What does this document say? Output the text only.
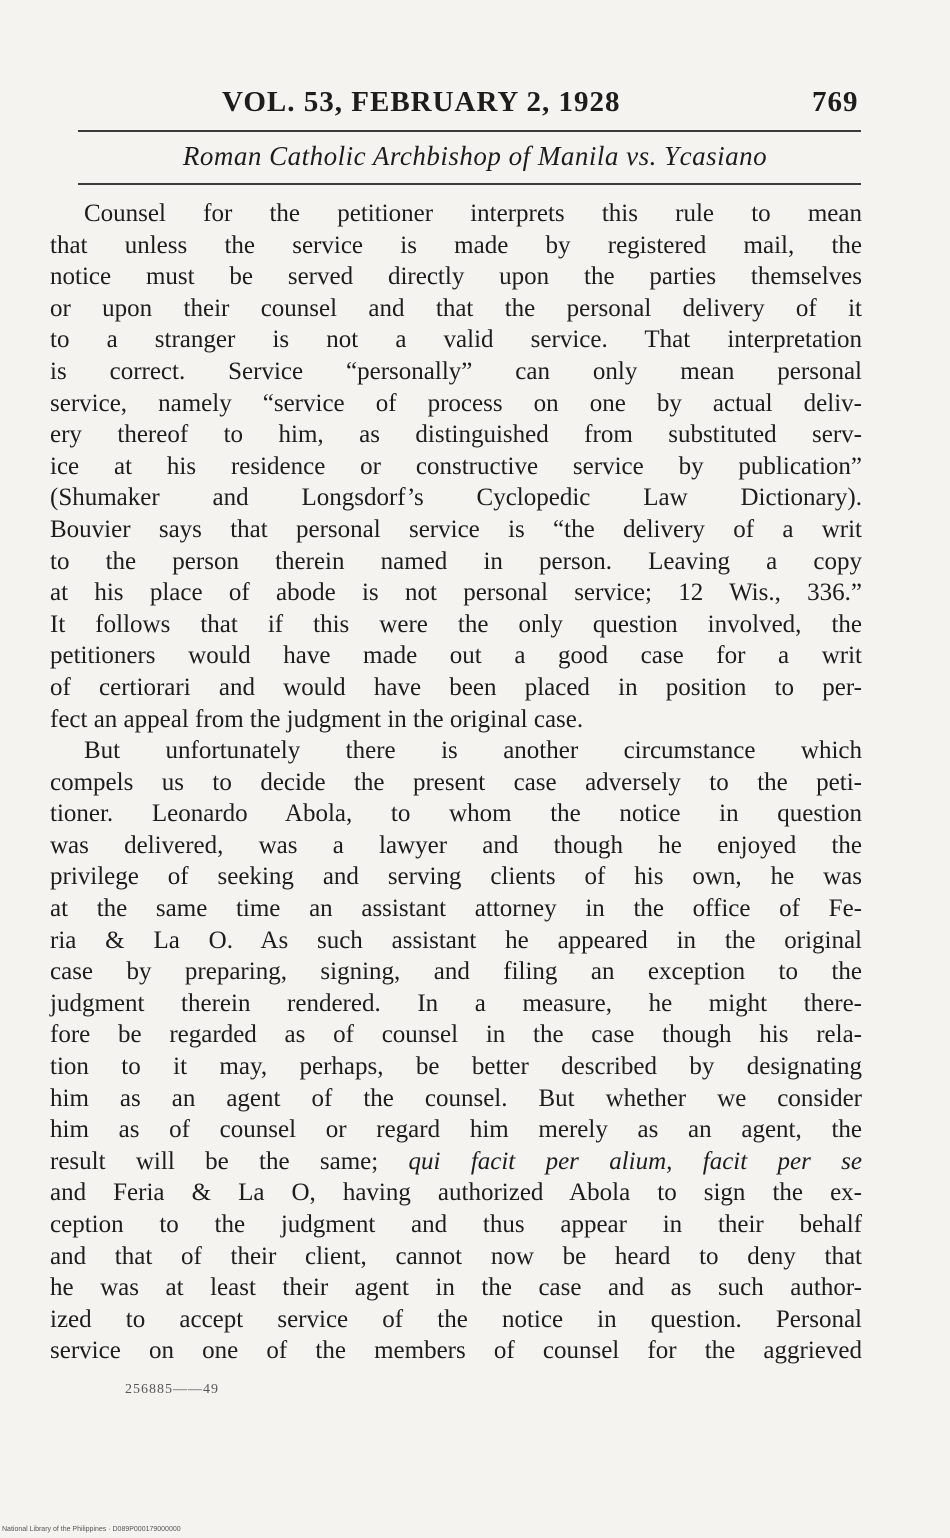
VOL. 53, FEBRUARY 2, 1928	769
Roman Catholic Archbishop of Manila vs. Ycasiano
Counsel for the petitioner interprets this rule to mean
that unless the service is made by registered mail, the
notice must be served directly upon the parties themselves
or upon their counsel and that the personal delivery of it
to a stranger is not a valid service. That interpretation
is correct. Service “personally” can only mean personal
service, namely “service of process on one by actual deliv-
ery thereof to him, as distinguished from substituted serv-
ice at his residence or constructive service by publication”
(Shumaker and Longsdorf’s Cyclopedic Law Dictionary).
Bouvier says that personal service is “the delivery of a writ
to the person therein named in person. Leaving a copy
at his place of abode is not personal service; 12 Wis., 336.”
It follows that if this were the only question involved, the
petitioners would have made out a good case for a writ
of certiorari and would have been placed in position to per-
fect an appeal from the judgment in the original case.
But unfortunately there is another circumstance which
compels us to decide the present case adversely to the peti-
tioner. Leonardo Abola, to whom the notice in question
was delivered, was a lawyer and though he enjoyed the
privilege of seeking and serving clients of his own, he was
at the same time an assistant attorney in the office of Fe-
ria & La O. As such assistant he appeared in the original
case by preparing, signing, and filing an exception to the
judgment therein rendered. In a measure, he might there-
fore be regarded as of counsel in the case though his rela-
tion to it may, perhaps, be better described by designating
him as an agent of the counsel. But whether we consider
him as of counsel or regard him merely as an agent, the
result will be the same; qui facit per alium, facit per se
and Feria & La O, having authorized Abola to sign the ex-
ception to the judgment and thus appear in their behalf
and that of their client, cannot now be heard to deny that
he was at least their agent in the case and as such author-
ized to accept service of the notice in question. Personal
service on one of the members of counsel for the aggrieved
256885——49
National Library of the Philippines · D089P000179000000
